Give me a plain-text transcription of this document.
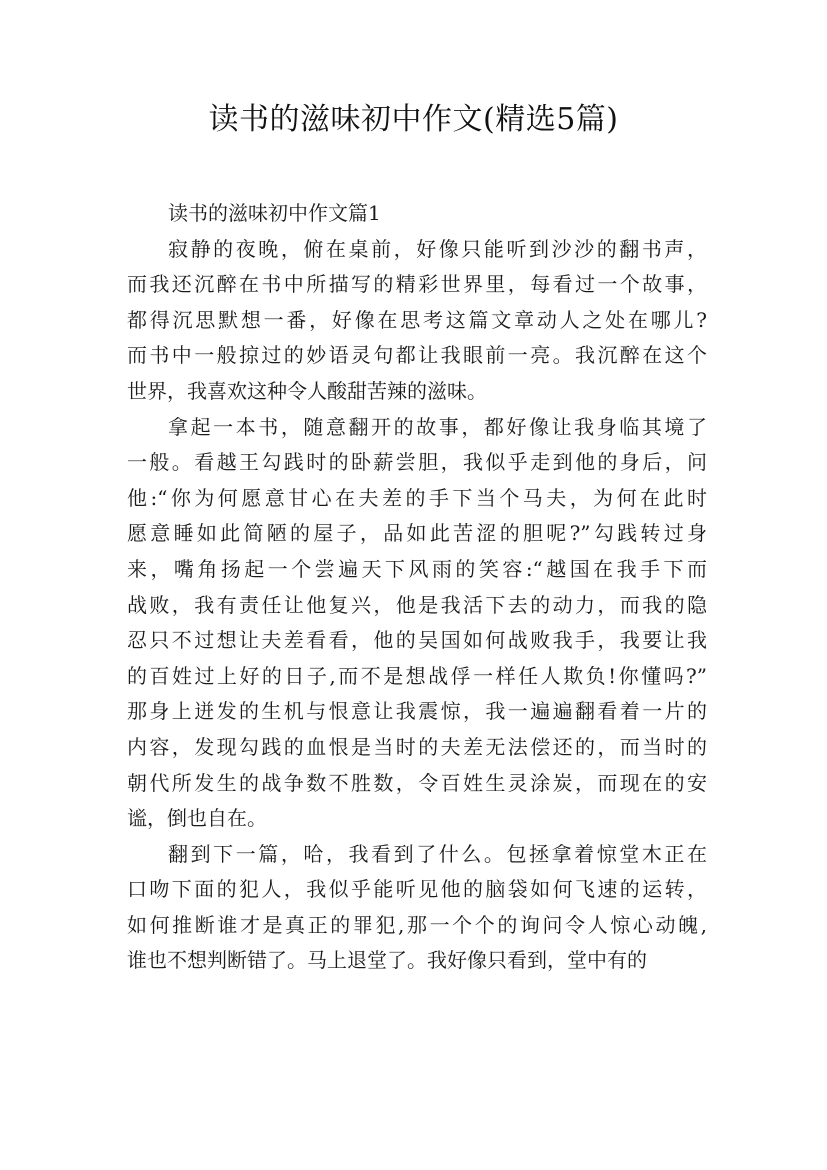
读书的滋味初中作文(精选5篇)

读书的滋味初中作文篇1

寂静的夜晚，俯在桌前，好像只能听到沙沙的翻书声，
而我还沉醉在书中所描写的精彩世界里，每看过一个故事，
都得沉思默想一番，好像在思考这篇文章动人之处在哪儿?
而书中一般掠过的妙语灵句都让我眼前一亮。我沉醉在这个
世界，我喜欢这种令人酸甜苦辣的滋味。
拿起一本书，随意翻开的故事，都好像让我身临其境了
一般。看越王勾践时的卧薪尝胆，我似乎走到他的身后，问
他:“你为何愿意甘心在夫差的手下当个马夫，为何在此时
愿意睡如此简陋的屋子，品如此苦涩的胆呢?”勾践转过身
来，嘴角扬起一个尝遍天下风雨的笑容:“越国在我手下而
战败，我有责任让他复兴，他是我活下去的动力，而我的隐
忍只不过想让夫差看看，他的吴国如何战败我手，我要让我
的百姓过上好的日子,而不是想战俘一样任人欺负!你懂吗?”
那身上迸发的生机与恨意让我震惊，我一遍遍翻看着一片的
内容，发现勾践的血恨是当时的夫差无法偿还的，而当时的
朝代所发生的战争数不胜数，令百姓生灵涂炭，而现在的安
谧，倒也自在。
翻到下一篇，哈，我看到了什么。包拯拿着惊堂木正在
口吻下面的犯人，我似乎能听见他的脑袋如何飞速的运转，
如何推断谁才是真正的罪犯,那一个个的询问令人惊心动魄,
谁也不想判断错了。马上退堂了。我好像只看到，堂中有的
